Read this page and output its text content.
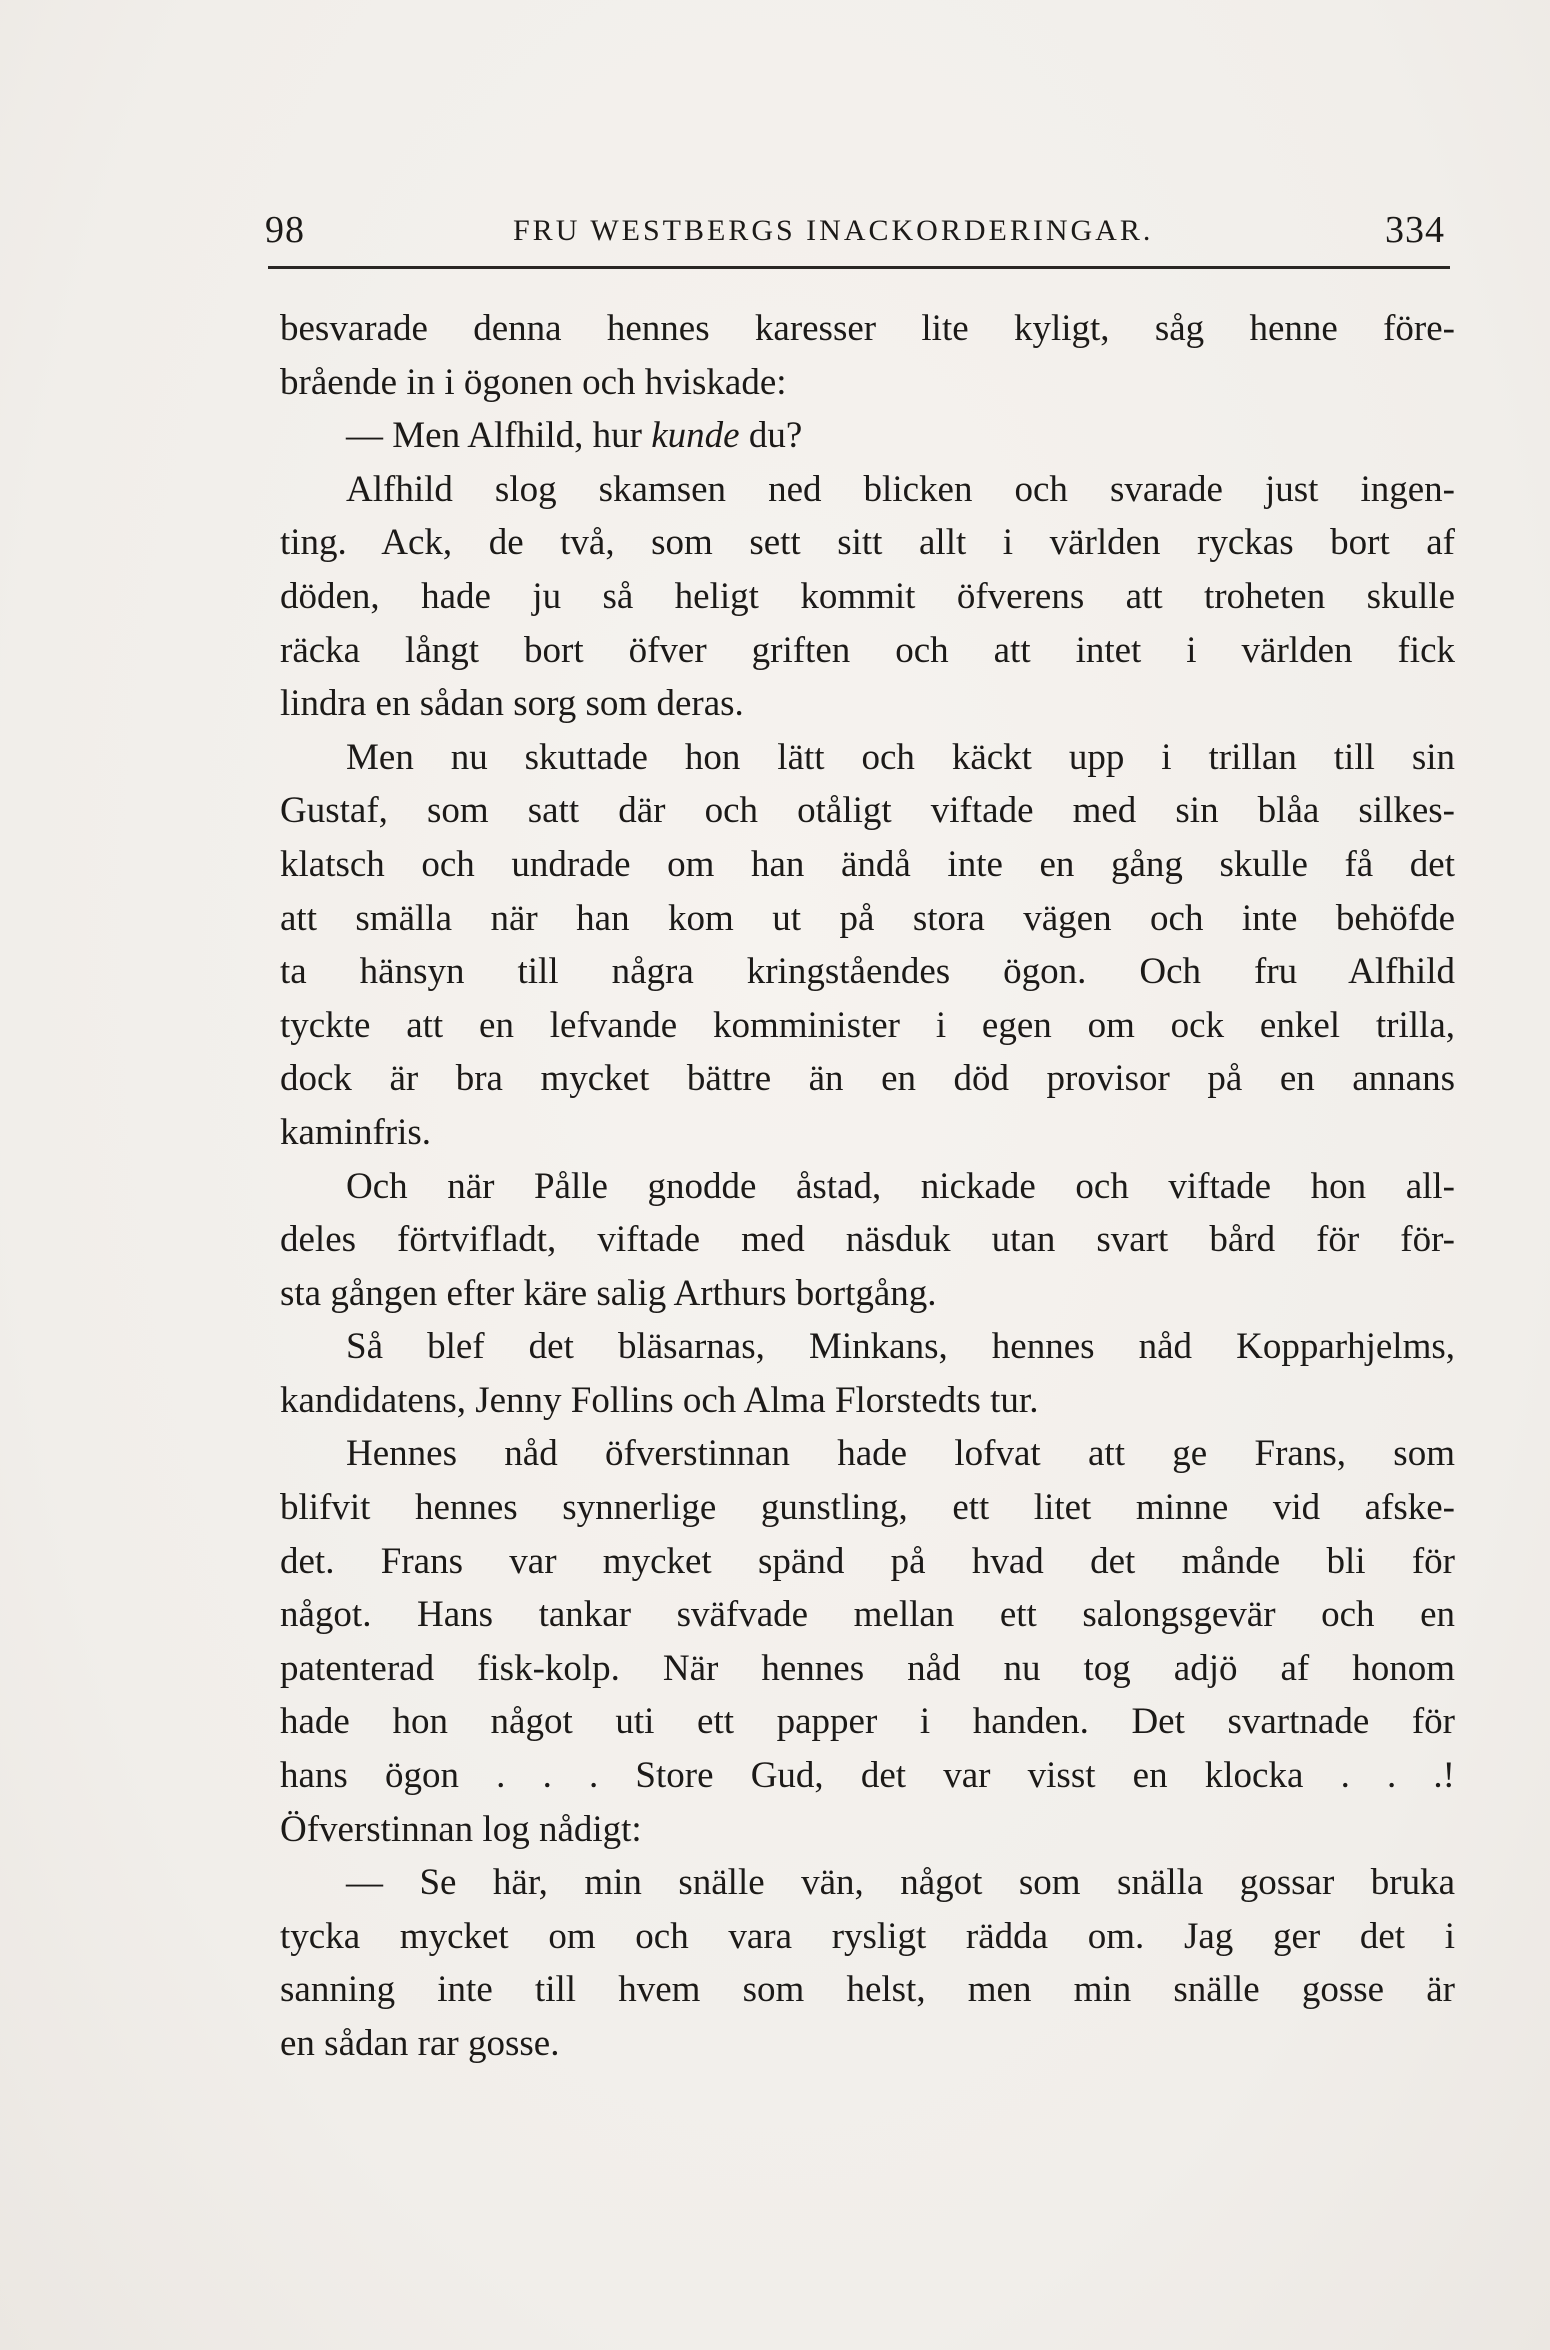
98	FRU WESTBERGS INACKORDERINGAR.	334
besvarade denna hennes karesser lite kyligt, såg henne före-
brående in i ögonen och hviskade:
— Men Alfhild, hur kunde du?
Alfhild slog skamsen ned blicken och svarade just ingen-
ting. Ack, de två, som sett sitt allt i världen ryckas bort af
döden, hade ju så heligt kommit öfverens att troheten skulle
räcka långt bort öfver griften och att intet i världen fick
lindra en sådan sorg som deras.
Men nu skuttade hon lätt och käckt upp i trillan till sin
Gustaf, som satt där och otåligt viftade med sin blåa silkes-
klatsch och undrade om han ändå inte en gång skulle få det
att smälla när han kom ut på stora vägen och inte behöfde
ta hänsyn till några kringståendes ögon. Och fru Alfhild
tyckte att en lefvande komminister i egen om ock enkel trilla,
dock är bra mycket bättre än en död provisor på en annans
kaminfris.
Och när Pålle gnodde åstad, nickade och viftade hon all-
deles förtvifladt, viftade med näsduk utan svart bård för för-
sta gången efter käre salig Arthurs bortgång.
Så blef det bläsarnas, Minkans, hennes nåd Kopparhjelms,
kandidatens, Jenny Follins och Alma Florstedts tur.
Hennes nåd öfverstinnan hade lofvat att ge Frans, som
blifvit hennes synnerlige gunstling, ett litet minne vid afske-
det. Frans var mycket spänd på hvad det månde bli för
något. Hans tankar sväfvade mellan ett salongsgevär och en
patenterad fisk-kolp. När hennes nåd nu tog adjö af honom
hade hon något uti ett papper i handen. Det svartnade för
hans ögon . . . Store Gud, det var visst en klocka . . .!
Öfverstinnan log nådigt:
— Se här, min snälle vän, något som snälla gossar bruka
tycka mycket om och vara rysligt rädda om. Jag ger det i
sanning inte till hvem som helst, men min snälle gosse är
en sådan rar gosse.
